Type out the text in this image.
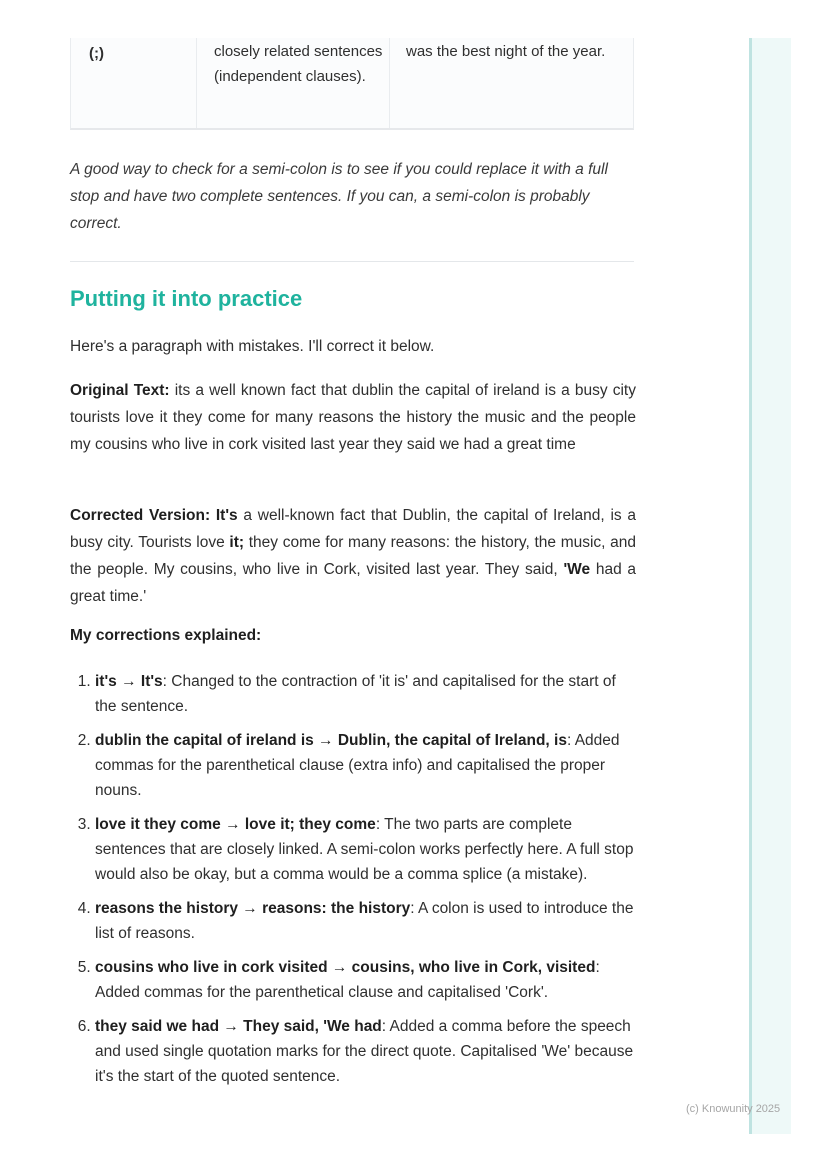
(c) Knowunity 2025
(;)	closely related sentences (independent clauses).
was the best night of the year.
A good way to check for a semi-colon is to see if you could replace it with a full stop and have two complete sentences. If you can, a semi-colon is probably correct.
Putting it into practice
Here's a paragraph with mistakes. I'll correct it below.
Original Text: its a well known fact that dublin the capital of ireland is a busy city tourists love it they come for many reasons the history the music and the people my cousins who live in cork visited last year they said we had a great time
Corrected Version: It's a well-known fact that Dublin, the capital of Ireland, is a busy city. Tourists love it; they come for many reasons: the history, the music, and the people. My cousins, who live in Cork, visited last year. They said, 'We had a great time.'
My corrections explained:
1. it's → It's: Changed to the contraction of 'it is' and capitalised for the start of the sentence.
2. dublin the capital of ireland is → Dublin, the capital of Ireland, is: Added commas for the parenthetical clause (extra info) and capitalised the proper nouns.
3. love it they come → love it; they come: The two parts are complete sentences that are closely linked. A semi-colon works perfectly here. A full stop would also be okay, but a comma would be a comma splice (a mistake).
4. reasons the history → reasons: the history: A colon is used to introduce the list of reasons.
5. cousins who live in cork visited → cousins, who live in Cork, visited: Added commas for the parenthetical clause and capitalised 'Cork'.
6. they said we had → They said, 'We had: Added a comma before the speech and used single quotation marks for the direct quote. Capitalised 'We' because it's the start of the quoted sentence.
